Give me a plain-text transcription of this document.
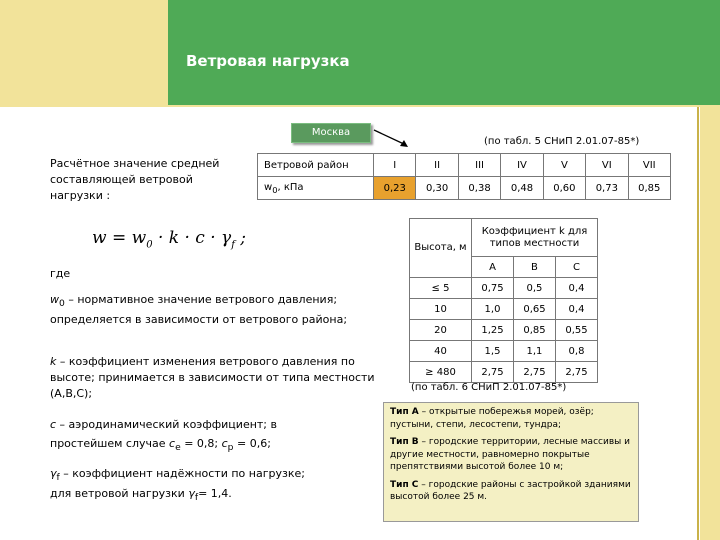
Ветровая нагрузка
Москва
(по табл. 5 СНиП 2.01.07-85*)
Расчётное значение средней составляющей ветровой нагрузки :
$w = w_0 \cdot k \cdot c \cdot \gamma_f$ ;
где
$w_0$ – нормативное значение ветрового давления; определяется в зависимости от ветрового района;
k – коэффициент изменения ветрового давления по высоте; принимается в зависимости от типа местности (А,В,С);
c – аэродинамический коэффициент; в
простейшем случае $c_e = 0,8$; $c_p = 0,6$;
$\gamma_f$ – коэффициент надёжности по нагрузке; для ветровой нагрузки $\gamma_f= 1,4$.
Ветровой район	I	II	III	IV	V	VI	VII
$w_0$, кПа	0,23	0,30	0,38	0,48	0,60	0,73	0,85
Высота, м	Коэффициент k для типов местности		
	А	В	С
≤ 5	0,75	0,5	0,4
10	1,0	0,65	0,4
20	1,25	0,85	0,55
40	1,5	1,1	0,8
≥ 480	2,75	2,75	2,75
(по табл. 6 СНиП 2.01.07-85*)

Тип А – открытые побережья морей, озёр; пустыни, степи, лесостепи, тундра;

Тип В – городские территории, лесные массивы и другие местности, равномерно покрытые препятствиями высотой более 10 м;

Тип С – городские районы с застройкой зданиями высотой более 25 м.
